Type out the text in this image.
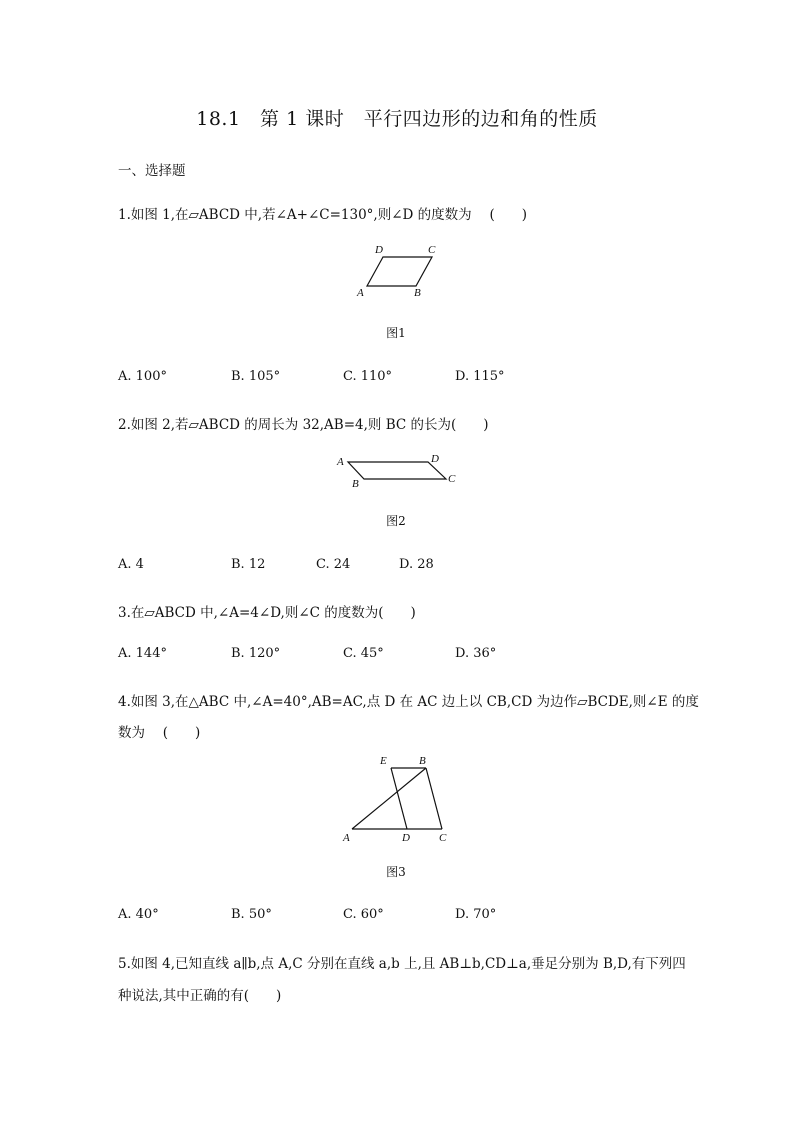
18.1　第 1 课时　平行四边形的边和角的性质
一、选择题
1.如图 1,在▱ABCD 中,若∠A+∠C=130°,则∠D 的度数为　 (　　)
A	B
C
D
图1
A. 100°	B. 105°	C. 110°	D. 115°
2.如图 2,若▱ABCD 的周长为 32,AB=4,则 BC 的长为(　　)
A
B	C
D
图2
A. 4	B. 12	C. 24	D. 28
3.在▱ABCD 中,∠A=4∠D,则∠C 的度数为(　　)
A. 144°	B. 120°	C. 45°	D. 36°
4.如图 3,在△ABC 中,∠A=40°,AB=AC,点 D 在 AC 边上以 CB,CD 为边作▱BCDE,则∠E 的度
数为　 (　　)
A
B
C
D
E
图3
A. 40°	B. 50°	C. 60°	D. 70°
5.如图 4,已知直线 a∥b,点 A,C 分别在直线 a,b 上,且 AB⊥b,CD⊥a,垂足分别为 B,D,有下列四
种说法,其中正确的有(　　)
